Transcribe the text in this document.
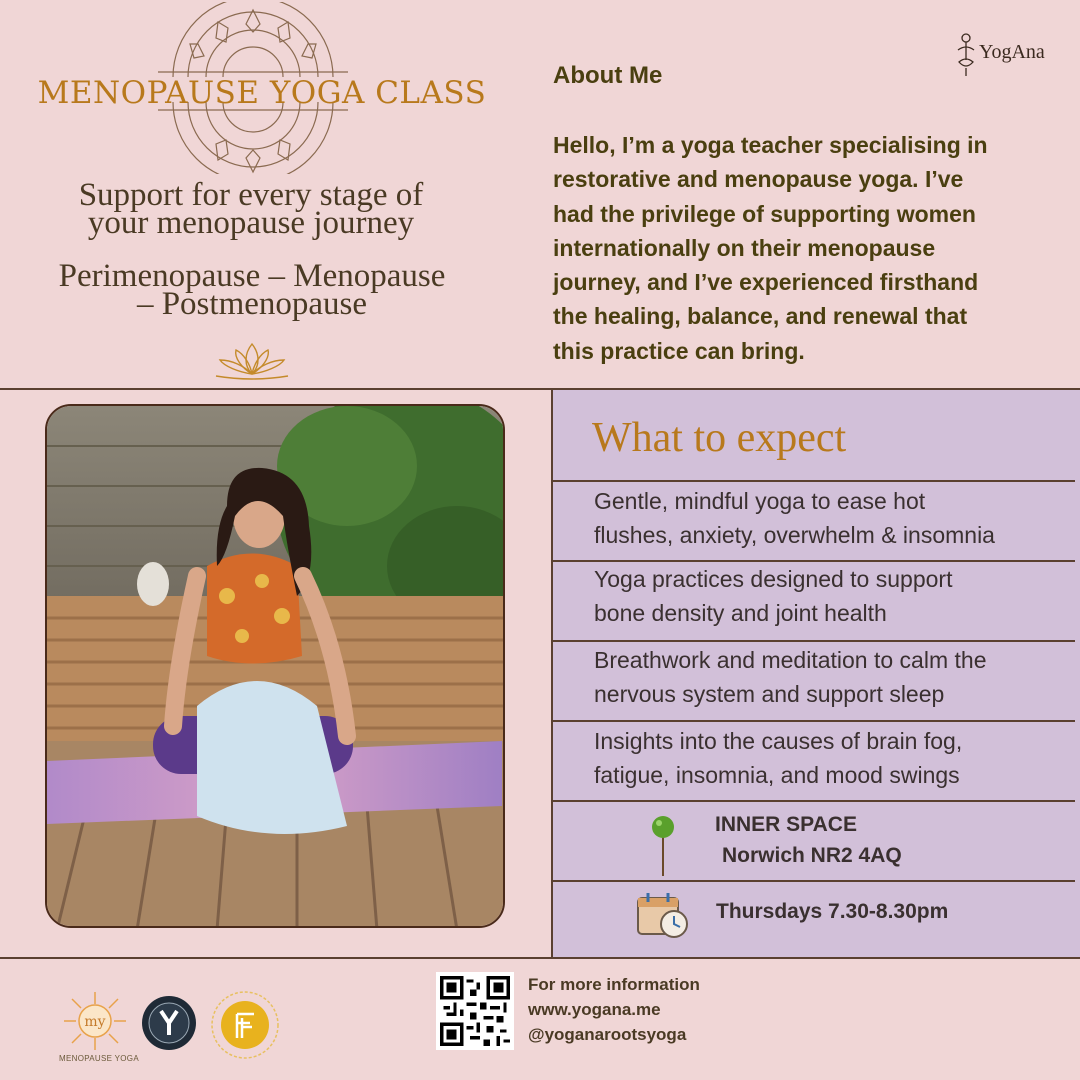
MENOPAUSE YOGA CLASS
Support for every stage of
your menopause journey
Perimenopause – Menopause
– Postmenopause
YogAna
About Me
Hello, I’m a yoga teacher specialising in
restorative and menopause yoga. I’ve
had the privilege of supporting women
internationally on their menopause
journey, and I’ve experienced firsthand
the healing, balance, and renewal that
this practice can bring.
What to expect
Gentle, mindful yoga to ease hot
flushes, anxiety, overwhelm & insomnia
Yoga practices designed to support
bone density and joint health
Breathwork and meditation to calm the
nervous system and support sleep
Insights into the causes of brain fog,
fatigue, insomnia, and mood swings
INNER SPACE
Norwich NR2 4AQ
Thursdays 7.30-8.30pm
my
MENOPAUSE YOGA
For more information
www.yogana.me
@yoganarootsyoga
